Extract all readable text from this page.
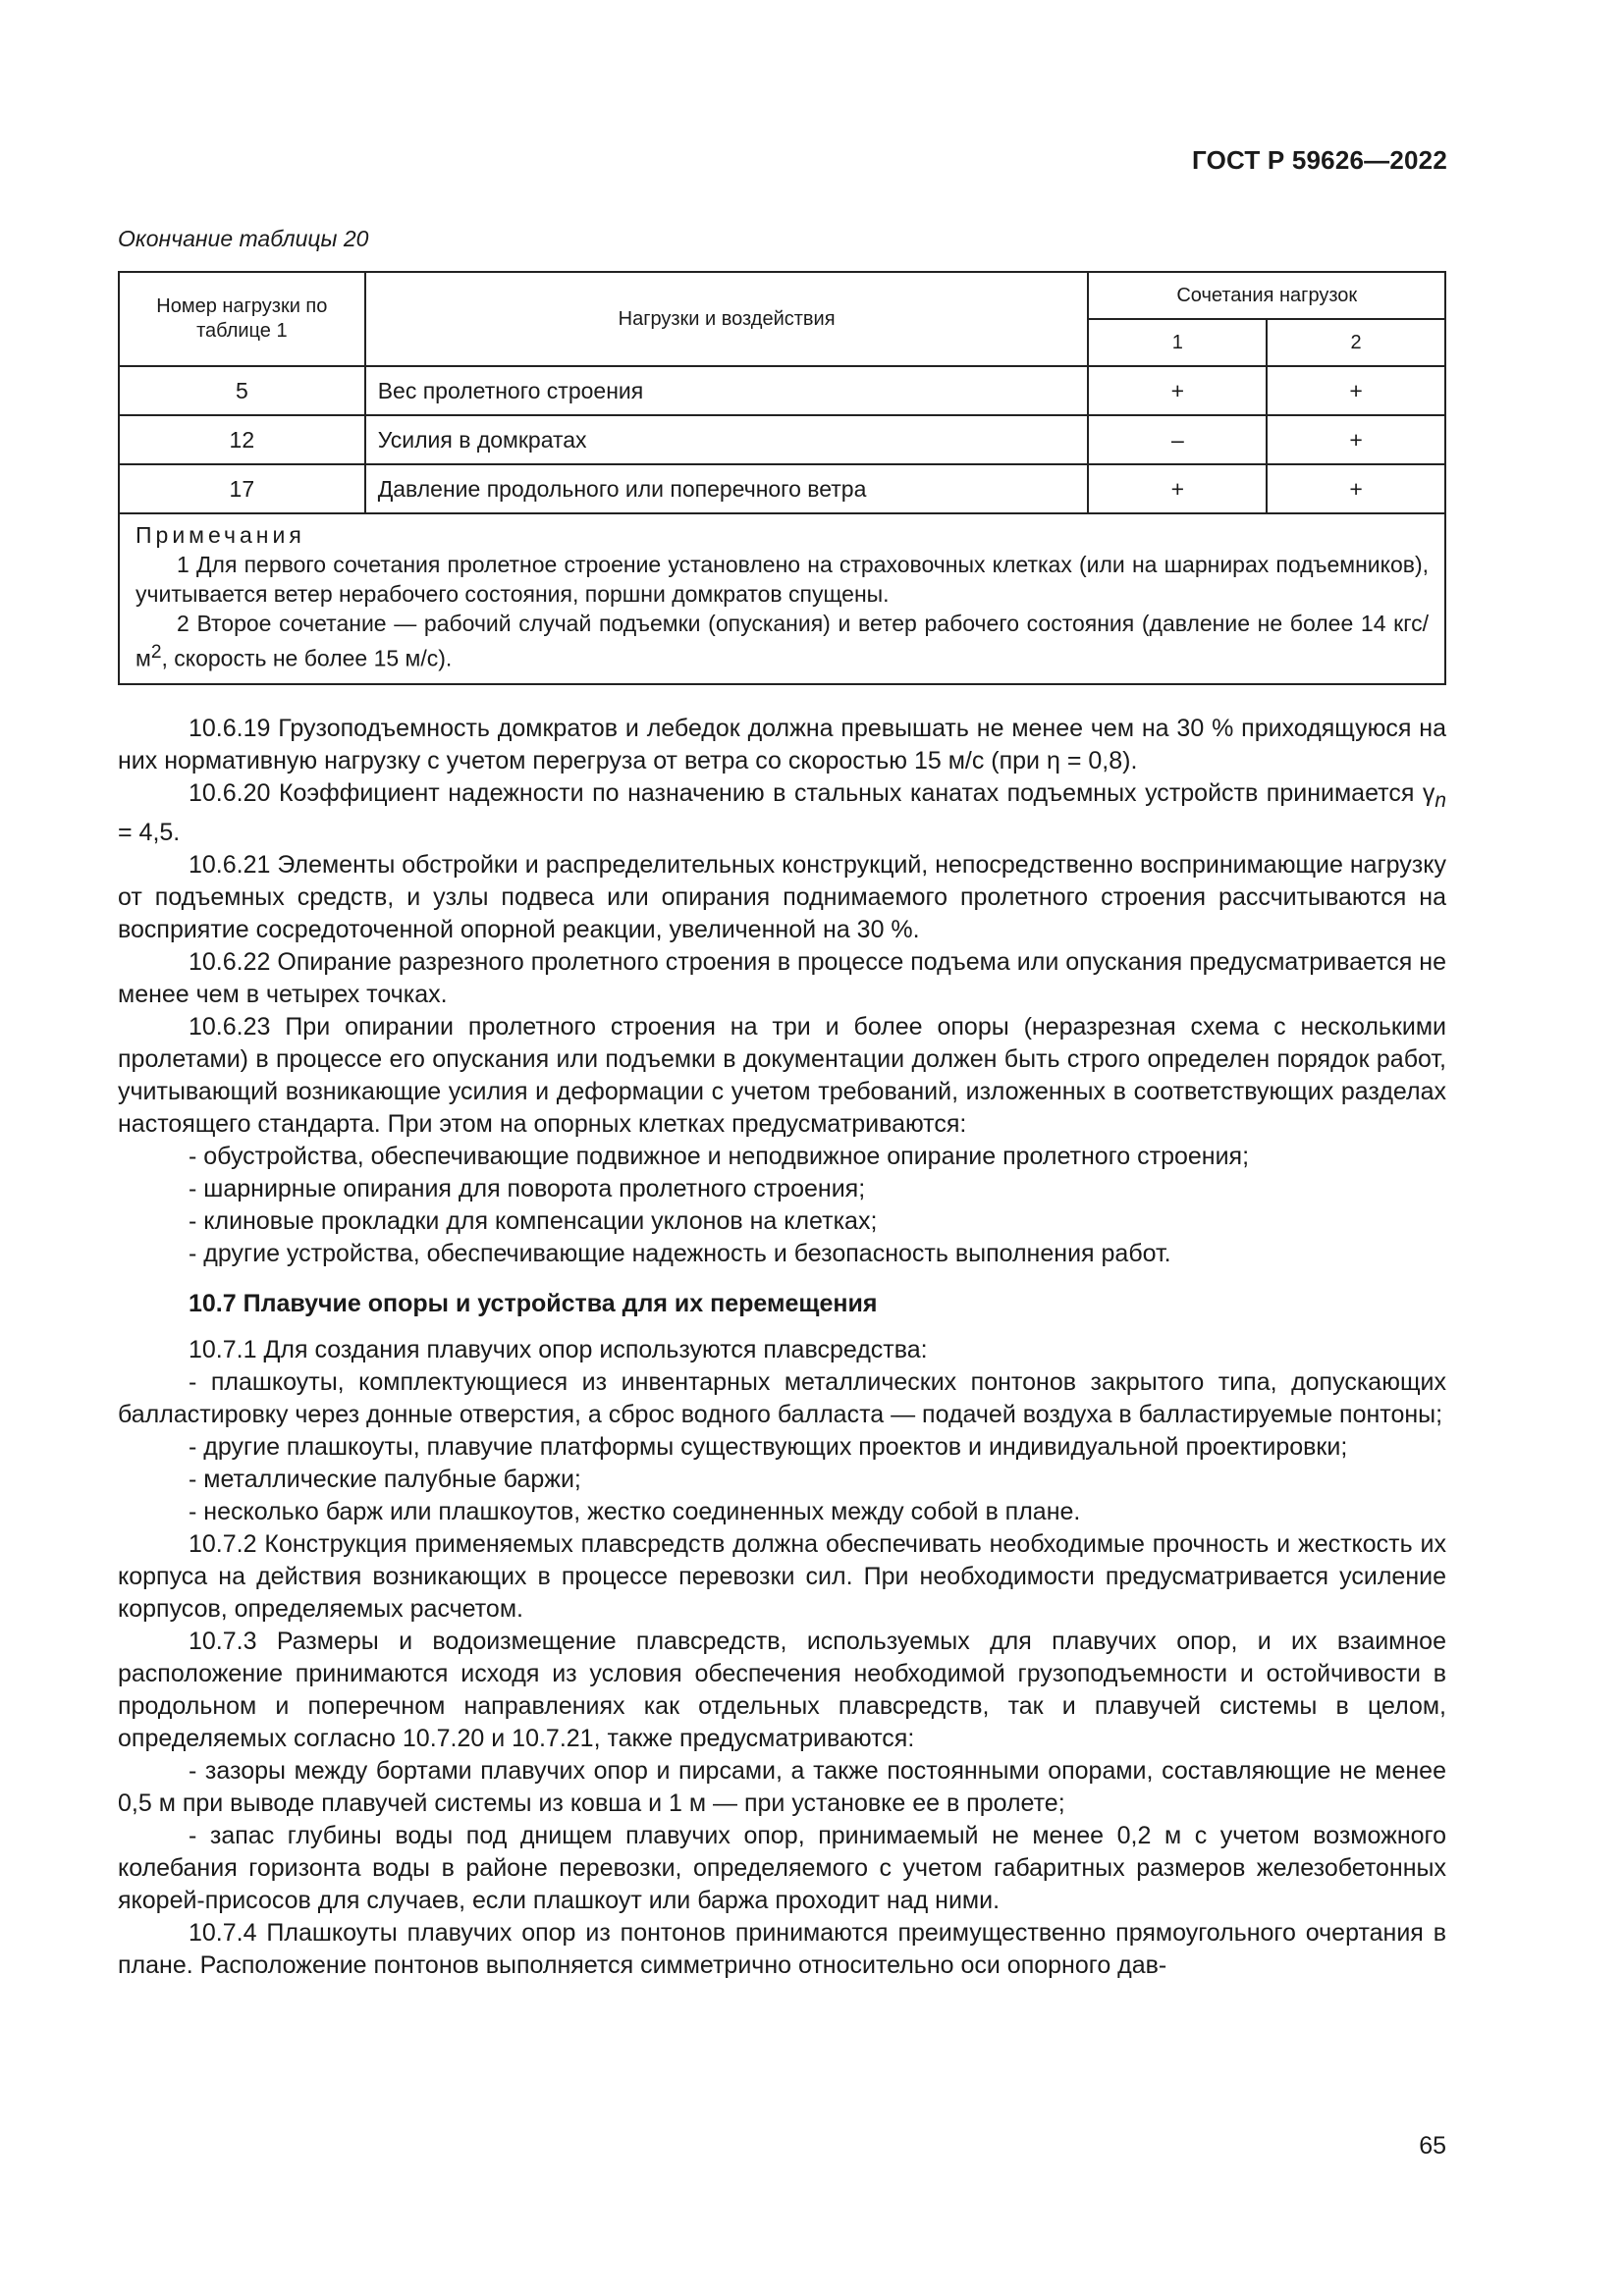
ГОСТ Р 59626—2022
Окончание таблицы 20
Номер нагрузки по таблице 1	Нагрузки и воздействия	Сочетания нагрузок	
		1	2
5	Вес пролетного строения	+	+
12	Усилия в домкратах	–	+
17	Давление продольного или поперечного ветра	+	+

Примечания

1 Для первого сочетания пролетное строение установлено на страховочных клетках (или на шарнирах подъемников), учитывается ветер нерабочего состояния, поршни домкратов спущены.

2 Второе сочетание — рабочий случай подъемки (опускания) и ветер рабочего состояния (давление не более 14 кгс/$м^2$, скорость не более 15 м/с).			

10.6.19 Грузоподъемность домкратов и лебедок должна превышать не менее чем на 30 % приходящуюся на них нормативную нагрузку с учетом перегруза от ветра со скоростью 15 м/с (при η = 0,8).

10.6.20 Коэффициент надежности по назначению в стальных канатах подъемных устройств принимается $\gamma_n = 4,5$.

10.6.21 Элементы обстройки и распределительных конструкций, непосредственно воспринимающие нагрузку от подъемных средств, и узлы подвеса или опирания поднимаемого пролетного строения рассчитываются на восприятие сосредоточенной опорной реакции, увеличенной на 30 %.

10.6.22 Опирание разрезного пролетного строения в процессе подъема или опускания предусматривается не менее чем в четырех точках.

10.6.23 При опирании пролетного строения на три и более опоры (неразрезная схема с несколькими пролетами) в процессе его опускания или подъемки в документации должен быть строго определен порядок работ, учитывающий возникающие усилия и деформации с учетом требований, изложенных в соответствующих разделах настоящего стандарта. При этом на опорных клетках предусматриваются:

- обустройства, обеспечивающие подвижное и неподвижное опирание пролетного строения;

- шарнирные опирания для поворота пролетного строения;

- клиновые прокладки для компенсации уклонов на клетках;

- другие устройства, обеспечивающие надежность и безопасность выполнения работ.

10.7 Плавучие опоры и устройства для их перемещения

10.7.1 Для создания плавучих опор используются плавсредства:

- плашкоуты, комплектующиеся из инвентарных металлических понтонов закрытого типа, допускающих балластировку через донные отверстия, а сброс водного балласта — подачей воздуха в балластируемые понтоны;

- другие плашкоуты, плавучие платформы существующих проектов и индивидуальной проектировки;

- металлические палубные баржи;

- несколько барж или плашкоутов, жестко соединенных между собой в плане.

10.7.2 Конструкция применяемых плавсредств должна обеспечивать необходимые прочность и жесткость их корпуса на действия возникающих в процессе перевозки сил. При необходимости предусматривается усиление корпусов, определяемых расчетом.

10.7.3 Размеры и водоизмещение плавсредств, используемых для плавучих опор, и их взаимное расположение принимаются исходя из условия обеспечения необходимой грузоподъемности и остойчивости в продольном и поперечном направлениях как отдельных плавсредств, так и плавучей системы в целом, определяемых согласно 10.7.20 и 10.7.21, также предусматриваются:

- зазоры между бортами плавучих опор и пирсами, а также постоянными опорами, составляющие не менее 0,5 м при выводе плавучей системы из ковша и 1 м — при установке ее в пролете;

- запас глубины воды под днищем плавучих опор, принимаемый не менее 0,2 м с учетом возможного колебания горизонта воды в районе перевозки, определяемого с учетом габаритных размеров железобетонных якорей-присосов для случаев, если плашкоут или баржа проходит над ними.

10.7.4 Плашкоуты плавучих опор из понтонов принимаются преимущественно прямоугольного очертания в плане. Расположение понтонов выполняется симметрично относительно оси опорного дав-

65
